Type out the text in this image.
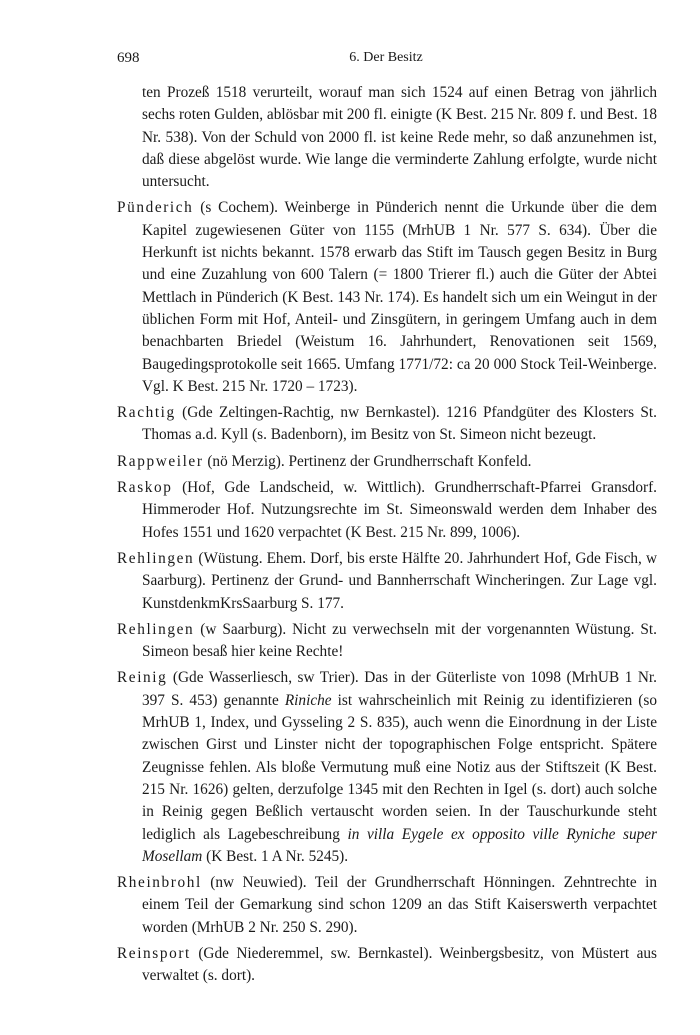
698	6. Der Besitz

ten Prozeß 1518 verurteilt, worauf man sich 1524 auf einen Betrag von jährlich sechs roten Gulden, ablösbar mit 200 fl. einigte (K Best. 215 Nr. 809 f. und Best. 18 Nr. 538). Von der Schuld von 2000 fl. ist keine Rede mehr, so daß anzunehmen ist, daß diese abgelöst wurde. Wie lange die verminderte Zahlung erfolgte, wurde nicht untersucht.

Pünderich (s Cochem). Weinberge in Pünderich nennt die Urkunde über die dem Kapitel zugewiesenen Güter von 1155 (MrhUB 1 Nr. 577 S. 634). Über die Herkunft ist nichts bekannt. 1578 erwarb das Stift im Tausch gegen Besitz in Burg und eine Zuzahlung von 600 Talern (= 1800 Trierer fl.) auch die Güter der Abtei Mettlach in Pünderich (K Best. 143 Nr. 174). Es handelt sich um ein Weingut in der üblichen Form mit Hof, Anteil- und Zinsgütern, in geringem Umfang auch in dem benachbarten Briedel (Weistum 16. Jahrhundert, Renovationen seit 1569, Baugedingsprotokolle seit 1665. Umfang 1771/72: ca 20 000 Stock Teil-Weinberge. Vgl. K Best. 215 Nr. 1720 – 1723).

Rachtig (Gde Zeltingen-Rachtig, nw Bernkastel). 1216 Pfandgüter des Klosters St. Thomas a.d. Kyll (s. Badenborn), im Besitz von St. Simeon nicht bezeugt.

Rappweiler (nö Merzig). Pertinenz der Grundherrschaft Konfeld.

Raskop (Hof, Gde Landscheid, w. Wittlich). Grundherrschaft-Pfarrei Gransdorf. Himmeroder Hof. Nutzungsrechte im St. Simeonswald werden dem Inhaber des Hofes 1551 und 1620 verpachtet (K Best. 215 Nr. 899, 1006).

Rehlingen (Wüstung. Ehem. Dorf, bis erste Hälfte 20. Jahrhundert Hof, Gde Fisch, w Saarburg). Pertinenz der Grund- und Bannherrschaft Wincheringen. Zur Lage vgl. KunstdenkmKrsSaarburg S. 177.

Rehlingen (w Saarburg). Nicht zu verwechseln mit der vorgenannten Wüstung. St. Simeon besaß hier keine Rechte!

Reinig (Gde Wasserliesch, sw Trier). Das in der Güterliste von 1098 (MrhUB 1 Nr. 397 S. 453) genannte Riniche ist wahrscheinlich mit Reinig zu identifizieren (so MrhUB 1, Index, und Gysseling 2 S. 835), auch wenn die Einordnung in der Liste zwischen Girst und Linster nicht der topographischen Folge entspricht. Spätere Zeugnisse fehlen. Als bloße Vermutung muß eine Notiz aus der Stiftszeit (K Best. 215 Nr. 1626) gelten, derzufolge 1345 mit den Rechten in Igel (s. dort) auch solche in Reinig gegen Beßlich vertauscht worden seien. In der Tauschurkunde steht lediglich als Lagebeschreibung in villa Eygele ex opposito ville Ryniche super Mosellam (K Best. 1 A Nr. 5245).

Rheinbrohl (nw Neuwied). Teil der Grundherrschaft Hönningen. Zehntrechte in einem Teil der Gemarkung sind schon 1209 an das Stift Kaiserswerth verpachtet worden (MrhUB 2 Nr. 250 S. 290).

Reinsport (Gde Niederemmel, sw. Bernkastel). Weinbergsbesitz, von Müstert aus verwaltet (s. dort).
